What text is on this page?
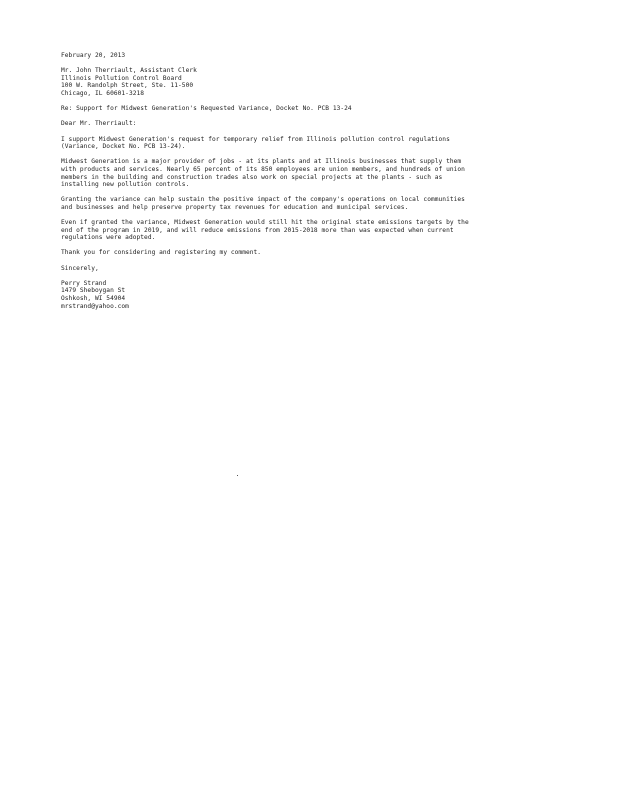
February 20, 2013
Mr. John Therriault, Assistant Clerk
Illinois Pollution Control Board
100 W. Randolph Street, Ste. 11-500
Chicago, IL 60601-3218
Re: Support for Midwest Generation's Requested Variance, Docket No. PCB 13-24
Dear Mr. Therriault:
I support Midwest Generation's request for temporary relief from Illinois pollution control regulations
(Variance, Docket No. PCB 13-24).
Midwest Generation is a major provider of jobs - at its plants and at Illinois businesses that supply them
with products and services. Nearly 65 percent of its 850 employees are union members, and hundreds of union
members in the building and construction trades also work on special projects at the plants - such as
installing new pollution controls.
Granting the variance can help sustain the positive impact of the company's operations on local communities
and businesses and help preserve property tax revenues for education and municipal services.
Even if granted the variance, Midwest Generation would still hit the original state emissions targets by the
end of the program in 2019, and will reduce emissions from 2015-2018 more than was expected when current
regulations were adopted.
Thank you for considering and registering my comment.
Sincerely,
Perry Strand
1479 Sheboygan St
Oshkosh, WI 54904
mrstrand@yahoo.com
